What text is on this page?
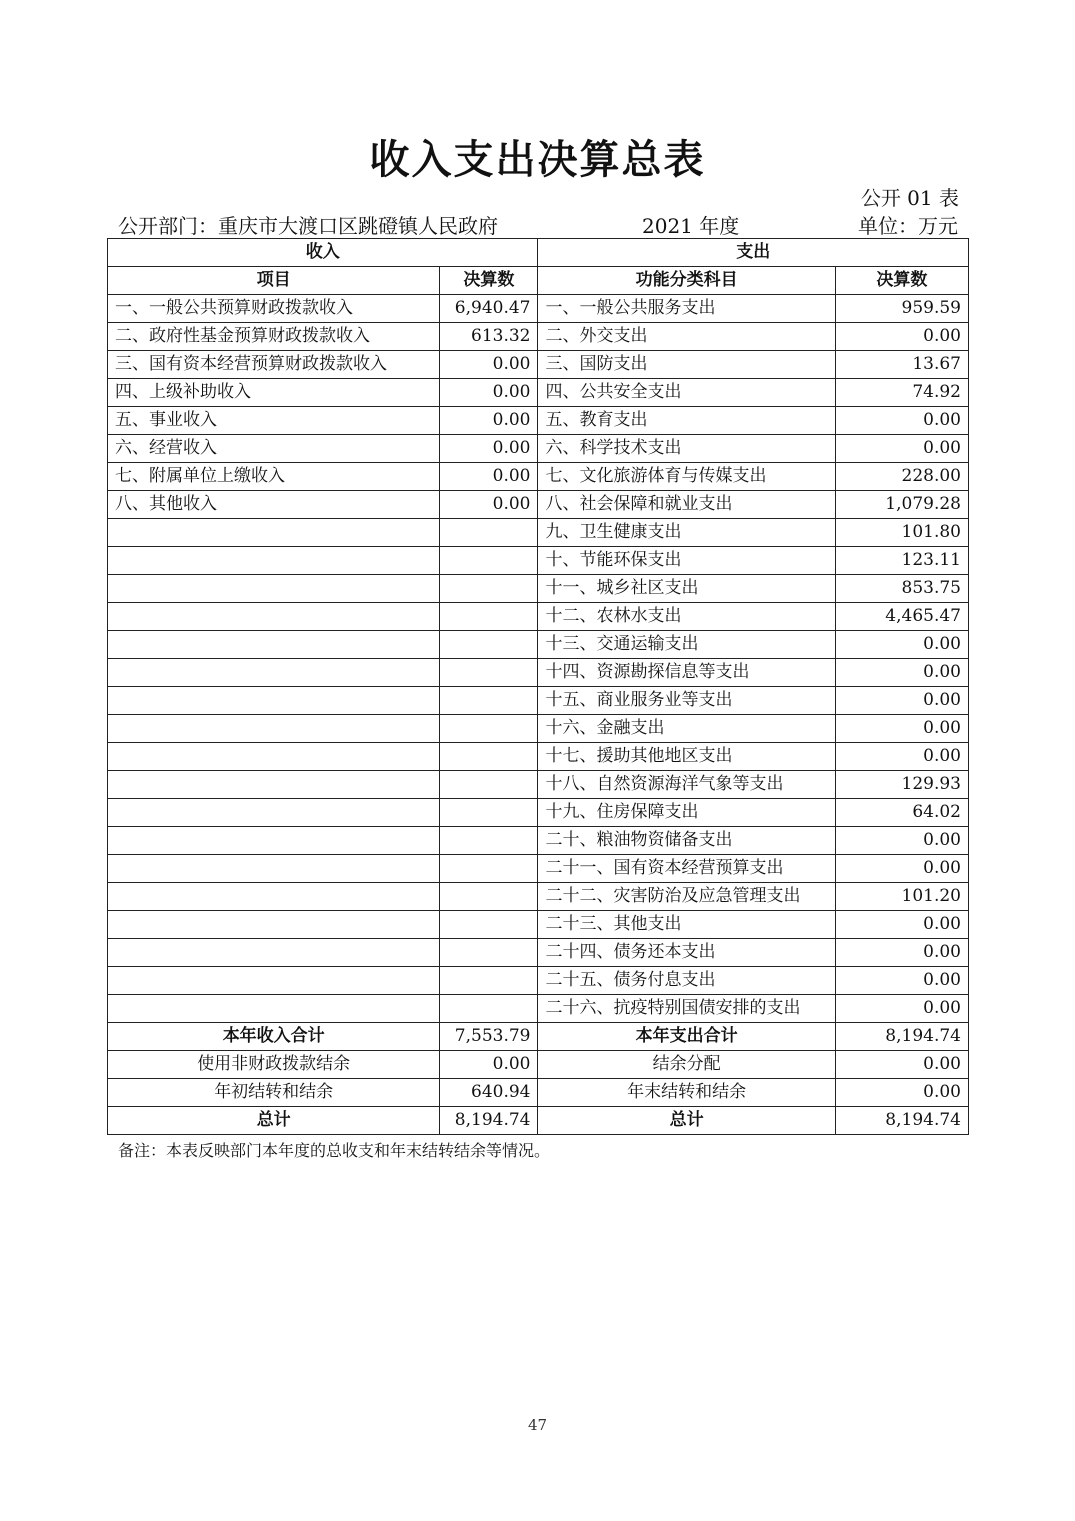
收入支出决算总表
公开 01 表
公开部门：重庆市大渡口区跳磴镇人民政府	2021 年度	单位：万元
收入		支出	
项目	决算数	功能分类科目	决算数
一、一般公共预算财政拨款收入	6,940.47	一、一般公共服务支出	959.59
二、政府性基金预算财政拨款收入	613.32	二、外交支出	0.00
三、国有资本经营预算财政拨款收入	0.00	三、国防支出	13.67
四、上级补助收入	0.00	四、公共安全支出	74.92
五、事业收入	0.00	五、教育支出	0.00
六、经营收入	0.00	六、科学技术支出	0.00
七、附属单位上缴收入	0.00	七、文化旅游体育与传媒支出	228.00
八、其他收入	0.00	八、社会保障和就业支出	1,079.28
		九、卫生健康支出	101.80
		十、节能环保支出	123.11
		十一、城乡社区支出	853.75
		十二、农林水支出	4,465.47
		十三、交通运输支出	0.00
		十四、资源勘探信息等支出	0.00
		十五、商业服务业等支出	0.00
		十六、金融支出	0.00
		十七、援助其他地区支出	0.00
		十八、自然资源海洋气象等支出	129.93
		十九、住房保障支出	64.02
		二十、粮油物资储备支出	0.00
		二十一、国有资本经营预算支出	0.00
		二十二、灾害防治及应急管理支出	101.20
		二十三、其他支出	0.00
		二十四、债务还本支出	0.00
		二十五、债务付息支出	0.00
		二十六、抗疫特别国债安排的支出	0.00
本年收入合计	7,553.79	本年支出合计	8,194.74
使用非财政拨款结余	0.00	结余分配	0.00
年初结转和结余	640.94	年末结转和结余	0.00
总计	8,194.74	总计	8,194.74
备注：本表反映部门本年度的总收支和年末结转结余等情况。
47
